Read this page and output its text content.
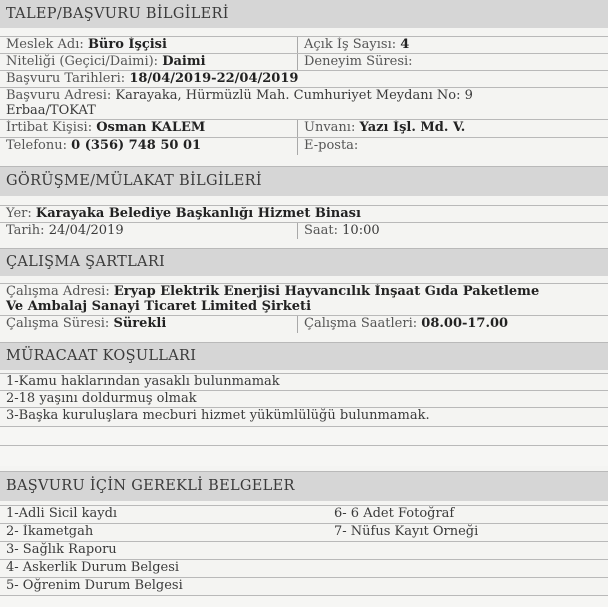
TALEP/BAŞVURU BİLGİLERİ
Meslek Adı: Büro İşçisi	Açık İş Sayısı: 4
Niteliği (Geçici/Daimi): Daimi	Deneyim Süresi:
Başvuru Tarihleri: 18/04/2019-22/04/2019
Başvuru Adresi: Karayaka, Hürmüzlü Mah. Cumhuriyet Meydanı No: 9
Erbaa/TOKAT
İrtibat Kişisi: Osman KALEM	Unvanı: Yazı İşl. Md. V.
Telefonu: 0 (356) 748 50 01	E-posta:
GÖRÜŞME/MÜLAKAT BİLGİLERİ
Yer: Karayaka Belediye Başkanlığı Hizmet Binası
Tarih: 24/04/2019	Saat: 10:00
ÇALIŞMA ŞARTLARI
Çalışma Adresi: Eryap Elektrik Enerjisi Hayvancılık İnşaat Gıda Paketleme
Ve Ambalaj Sanayi Ticaret Limited Şirketi
Çalışma Süresi: Sürekli	Çalışma Saatleri: 08.00-17.00
MÜRACAAT KOŞULLARI
1-Kamu haklarından yasaklı bulunmamak
2-18 yaşını doldurmuş olmak
3-Başka kuruluşlara mecburi hizmet yükümlülüğü bulunmamak.
BAŞVURU İÇİN GEREKLİ BELGELER
1-Adli Sicil kaydı	6- 6 Adet Fotoğraf
2- İkametgah	7- Nüfus Kayıt Örneği
3- Sağlık Raporu
4- Askerlik Durum Belgesi
5- Öğrenim Durum Belgesi
